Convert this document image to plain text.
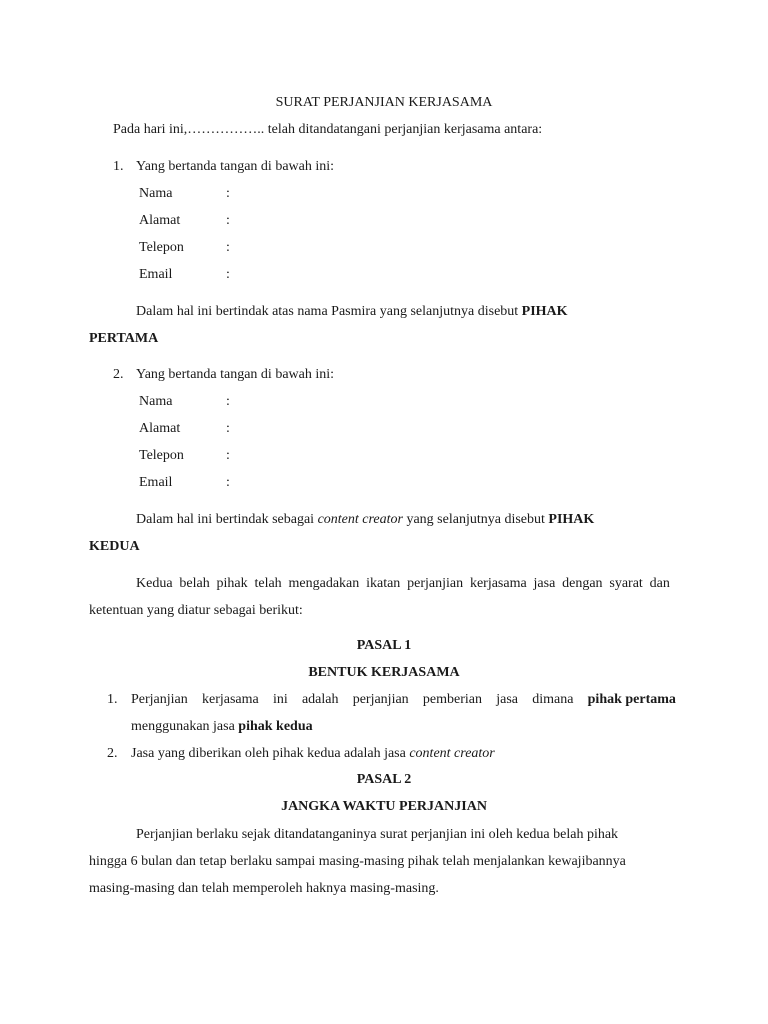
SURAT PERJANJIAN KERJASAMA
Pada hari ini,…………….. telah ditandatangani perjanjian kerjasama antara:
1. Yang bertanda tangan di bawah ini:
Nama	:
Alamat	:
Telepon	:
Email	:
Dalam hal ini bertindak atas nama Pasmira yang selanjutnya disebut PIHAK
PERTAMA
2. Yang bertanda tangan di bawah ini:
Nama	:
Alamat	:
Telepon	:
Email	:
Dalam hal ini bertindak sebagai content creator yang selanjutnya disebut PIHAK
KEDUA
Kedua belah pihak telah mengadakan ikatan perjanjian kerjasama jasa dengan syarat dan
ketentuan yang diatur sebagai berikut:
PASAL 1
BENTUK KERJASAMA
1. Perjanjian kerjasama ini adalah perjanjian pemberian jasa dimana pihak pertama
menggunakan jasa pihak kedua
2. Jasa yang diberikan oleh pihak kedua adalah jasa content creator
PASAL 2
JANGKA WAKTU PERJANJIAN
Perjanjian berlaku sejak ditandatanganinya surat perjanjian ini oleh kedua belah pihak
hingga 6 bulan dan tetap berlaku sampai masing-masing pihak telah menjalankan kewajibannya
masing-masing dan telah memperoleh haknya masing-masing.
